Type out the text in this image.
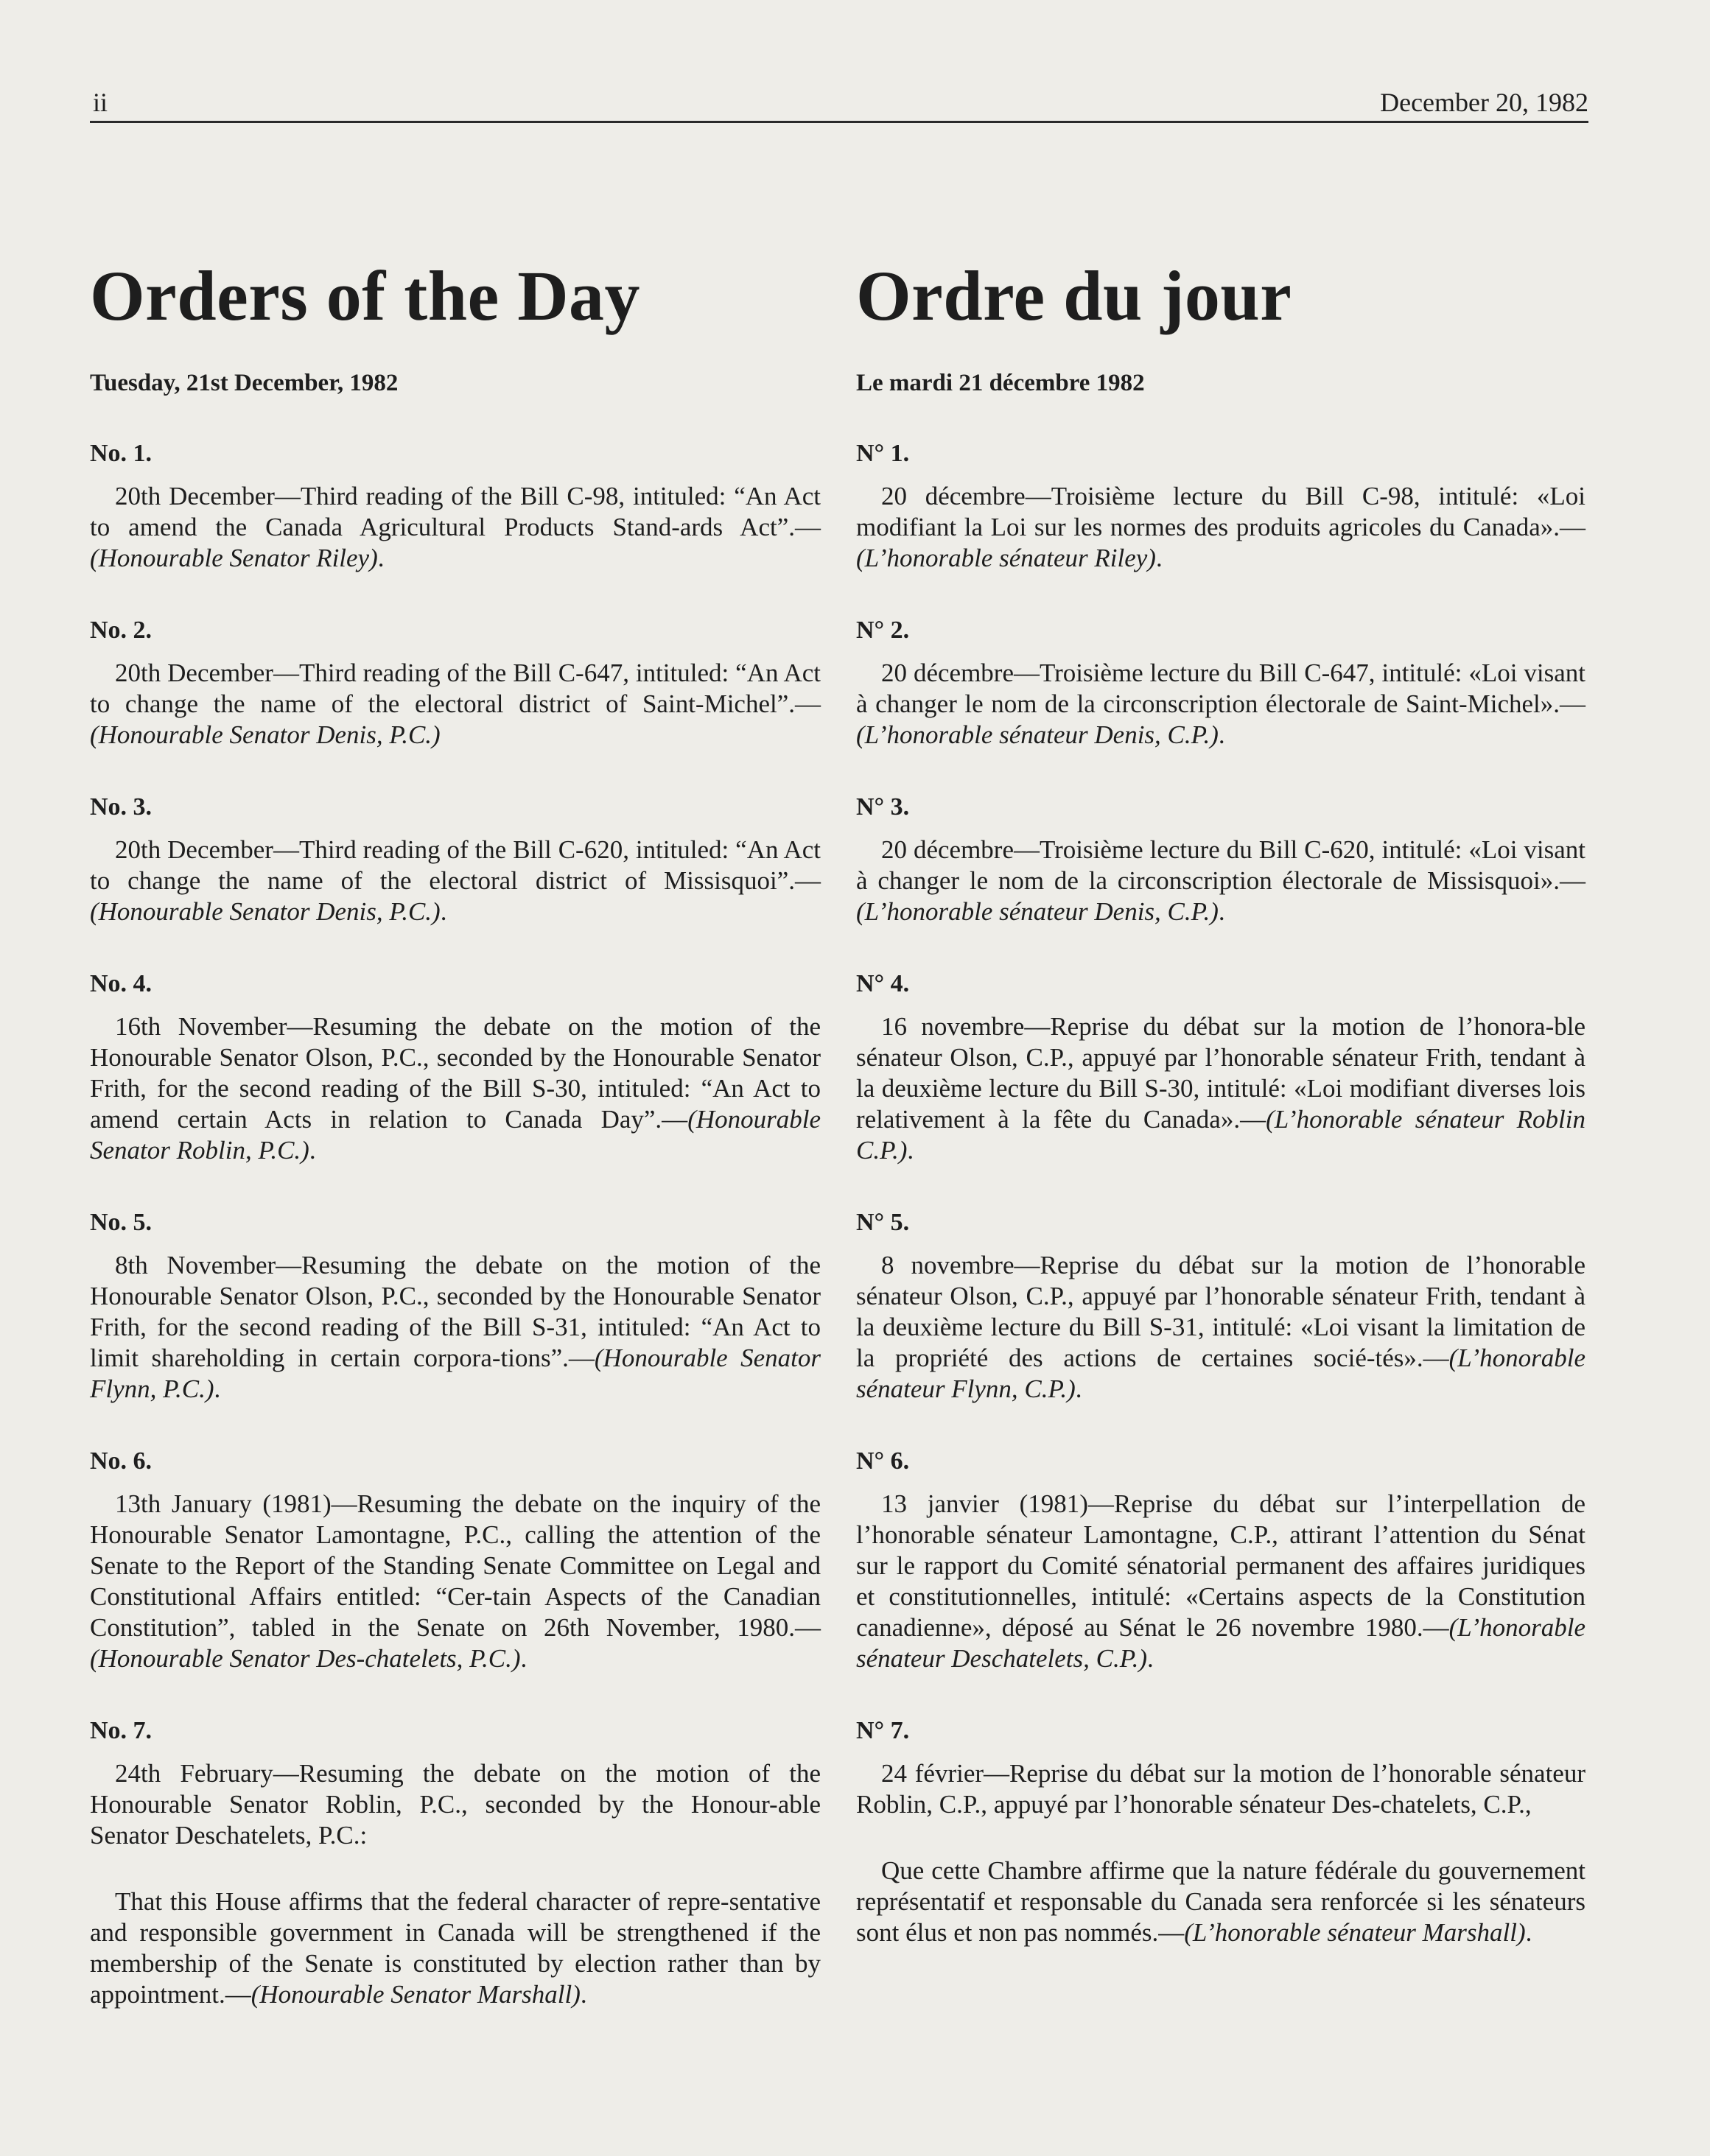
ii	December 20, 1982
Orders of the Day
Tuesday, 21st December, 1982
No. 1.
20th December—Third reading of the Bill C-98, intituled: “An Act to amend the Canada Agricultural Products Stand-ards Act”.—(Honourable Senator Riley).
No. 2.
20th December—Third reading of the Bill C-647, intituled: “An Act to change the name of the electoral district of Saint-Michel”.—(Honourable Senator Denis, P.C.)
No. 3.
20th December—Third reading of the Bill C-620, intituled: “An Act to change the name of the electoral district of Missisquoi”.—(Honourable Senator Denis, P.C.).
No. 4.
16th November—Resuming the debate on the motion of the Honourable Senator Olson, P.C., seconded by the Honourable Senator Frith, for the second reading of the Bill S-30, intituled: “An Act to amend certain Acts in relation to Canada Day”.—(Honourable Senator Roblin, P.C.).
No. 5.
8th November—Resuming the debate on the motion of the Honourable Senator Olson, P.C., seconded by the Honourable Senator Frith, for the second reading of the Bill S-31, intituled: “An Act to limit shareholding in certain corpora-tions”.—(Honourable Senator Flynn, P.C.).
No. 6.
13th January (1981)—Resuming the debate on the inquiry of the Honourable Senator Lamontagne, P.C., calling the attention of the Senate to the Report of the Standing Senate Committee on Legal and Constitutional Affairs entitled: “Cer-tain Aspects of the Canadian Constitution”, tabled in the Senate on 26th November, 1980.—(Honourable Senator Des-chatelets, P.C.).
No. 7.
24th February—Resuming the debate on the motion of the Honourable Senator Roblin, P.C., seconded by the Honour-able Senator Deschatelets, P.C.:
That this House affirms that the federal character of repre-sentative and responsible government in Canada will be strengthened if the membership of the Senate is constituted by election rather than by appointment.—(Honourable Senator Marshall).
Ordre du jour
Le mardi 21 décembre 1982
N° 1.
20 décembre—Troisième lecture du Bill C-98, intitulé: «Loi modifiant la Loi sur les normes des produits agricoles du Canada».—(L’honorable sénateur Riley).
N° 2.
20 décembre—Troisième lecture du Bill C-647, intitulé: «Loi visant à changer le nom de la circonscription électorale de Saint-Michel».—(L’honorable sénateur Denis, C.P.).
N° 3.
20 décembre—Troisième lecture du Bill C-620, intitulé: «Loi visant à changer le nom de la circonscription électorale de Missisquoi».—(L’honorable sénateur Denis, C.P.).
N° 4.
16 novembre—Reprise du débat sur la motion de l’honora-ble sénateur Olson, C.P., appuyé par l’honorable sénateur Frith, tendant à la deuxième lecture du Bill S-30, intitulé: «Loi modifiant diverses lois relativement à la fête du Canada».—(L’honorable sénateur Roblin C.P.).
N° 5.
8 novembre—Reprise du débat sur la motion de l’honorable sénateur Olson, C.P., appuyé par l’honorable sénateur Frith, tendant à la deuxième lecture du Bill S-31, intitulé: «Loi visant la limitation de la propriété des actions de certaines socié-tés».—(L’honorable sénateur Flynn, C.P.).
N° 6.
13 janvier (1981)—Reprise du débat sur l’interpellation de l’honorable sénateur Lamontagne, C.P., attirant l’attention du Sénat sur le rapport du Comité sénatorial permanent des affaires juridiques et constitutionnelles, intitulé: «Certains aspects de la Constitution canadienne», déposé au Sénat le 26 novembre 1980.—(L’honorable sénateur Deschatelets, C.P.).
N° 7.
24 février—Reprise du débat sur la motion de l’honorable sénateur Roblin, C.P., appuyé par l’honorable sénateur Des-chatelets, C.P.,
Que cette Chambre affirme que la nature fédérale du gouvernement représentatif et responsable du Canada sera renforcée si les sénateurs sont élus et non pas nommés.—(L’honorable sénateur Marshall).
